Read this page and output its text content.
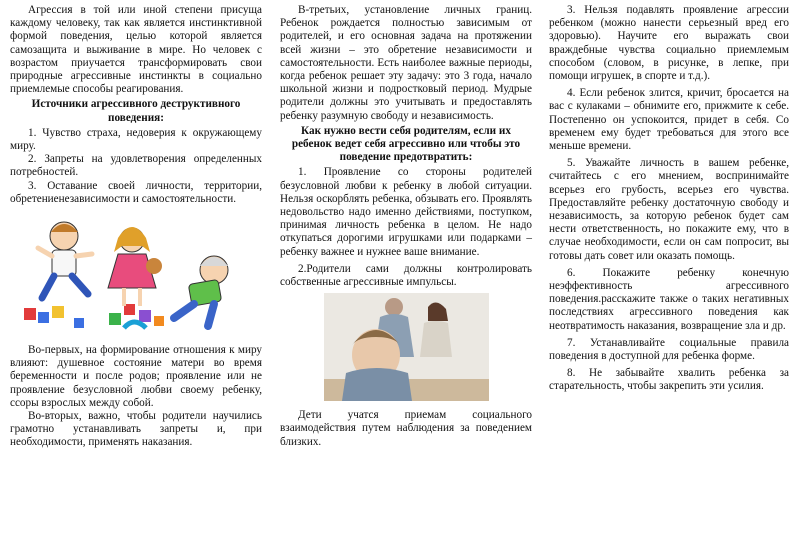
Агрессия в той или иной степени присуща каждому человеку, так как является инстинктивной формой поведения, целью которой является самозащита и выживание в мире. Но человек с возрастом приучается трансформировать свои природные агрессивные инстинкты в социально приемлемые способы реагирования.

Источники агрессивного деструктивного поведения:

1. Чувство страха, недоверия к окружающему миру.

2. Запреты на удовлетворения определенных потребностей.

3. Оставание своей личности, территории, обретениенезависимости и самостоятельности.

Во-первых, на формирование отношения к миру влияют: душевное состояние матери во время беременности и после родов; проявление или не проявление безусловной любви своему ребенку, ссоры взрослых между собой.

Во-вторых, важно, чтобы родители научились грамотно устанавливать запреты и, при необходимости, применять наказания.

В-третьих, установление личных границ. Ребенок рождается полностью зависимым от родителей, и его основная задача на протяжении всей жизни – это обретение независимости и самостоятельности. Есть наиболее важные периоды, когда ребенок решает эту задачу: это 3 года, начало школьной жизни и подростковый период. Мудрые родители должны это учитывать и предоставлять ребенку разумную свободу и независимость.

Как нужно вести себя родителям, если их ребенок ведет себя агрессивно или чтобы это поведение предотвратить:

1. Проявление со стороны родителей безусловной любви к ребенку в любой ситуации. Нельзя оскорблять ребенка, обзывать его. Проявлять недовольство надо именно действиями, поступком, принимая личность ребенка в целом. Не надо откупаться дорогими игрушками или подарками – ребенку важнее и нужнее ваше внимание.

2.Родители сами должны контролировать собственные агрессивные импульсы.

Дети учатся приемам социального взаимодействия путем наблюдения за поведением близких.

3. Нельзя подавлять проявление агрессии ребенком (можно нанести серьезный вред его здоровью). Научите его выражать свои враждебные чувства социально приемлемым способом (словом, в рисунке, в лепке, при помощи игрушек, в спорте и т.д.).

4. Если ребенок злится, кричит, бросается на вас с кулаками – обнимите его, прижмите к себе. Постепенно он успокоится, придет в себя. Со временем ему будет требоваться для этого все меньше времени.

5. Уважайте личность в вашем ребенке, считайтесь с его мнением, воспринимайте всерьез его грубость, всерьез его чувства. Предоставляйте ребенку достаточную свободу и независимость, за которую ребенок будет сам нести ответственность, но покажите ему, что в случае необходимости, если он сам попросит, вы готовы дать совет или оказать помощь.

6. Покажите ребенку конечную неэффективность агрессивного поведения.расскажите также о таких негативных последствиях агрессивного поведения как неотвратимость наказания, возвращение зла и др.

7. Устанавливайте социальные правила поведения в доступной для ребенка форме.

8. Не забывайте хвалить ребенка за старательность, чтобы закрепить эти усилия.
